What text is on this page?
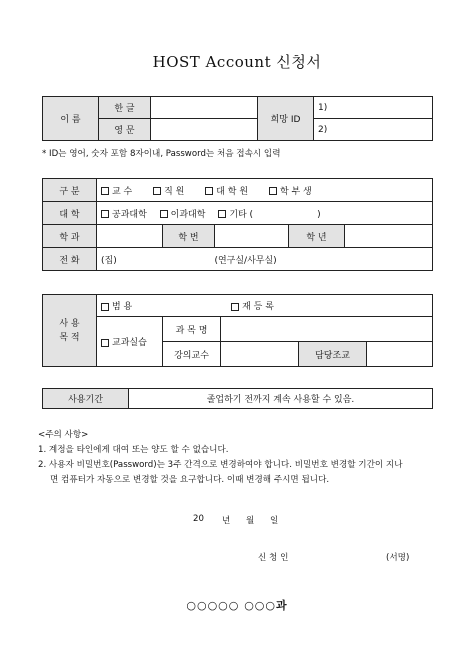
HOST Account 신청서
이 름	한 글		희망 ID	1)
	영 문			2)
* ID는 영어, 숫자 포함 8자이내, Password는 처음 접속시 입력
구 분	교 수 직 원 대 학 원 학 부 생				
대 학	공과대학 이과대학 기타 ( )				
학 과		학 번		학 년	
전 화	(집) (연구실/사무실)				
사 용
목 적	범 용 재 등 록				
	교과실습	과 목 명			
		강의교수		담당조교	
사용기간	졸업하기 전까지 계속 사용할 수 있음.
<주의 사항>
1. 계정을 타인에게 대여 또는 양도 할 수 없습니다.
2. 사용자 비밀번호(Password)는 3주 간격으로 변경하여야 합니다. 비밀번호 변경할 기간이 지나
면 컴퓨터가 자동으로 변경할 것을 요구합니다. 이때 변경해 주시면 됩니다.
20 년 월 일
신 청 인	(서명)
○○○○○ ○○○과
